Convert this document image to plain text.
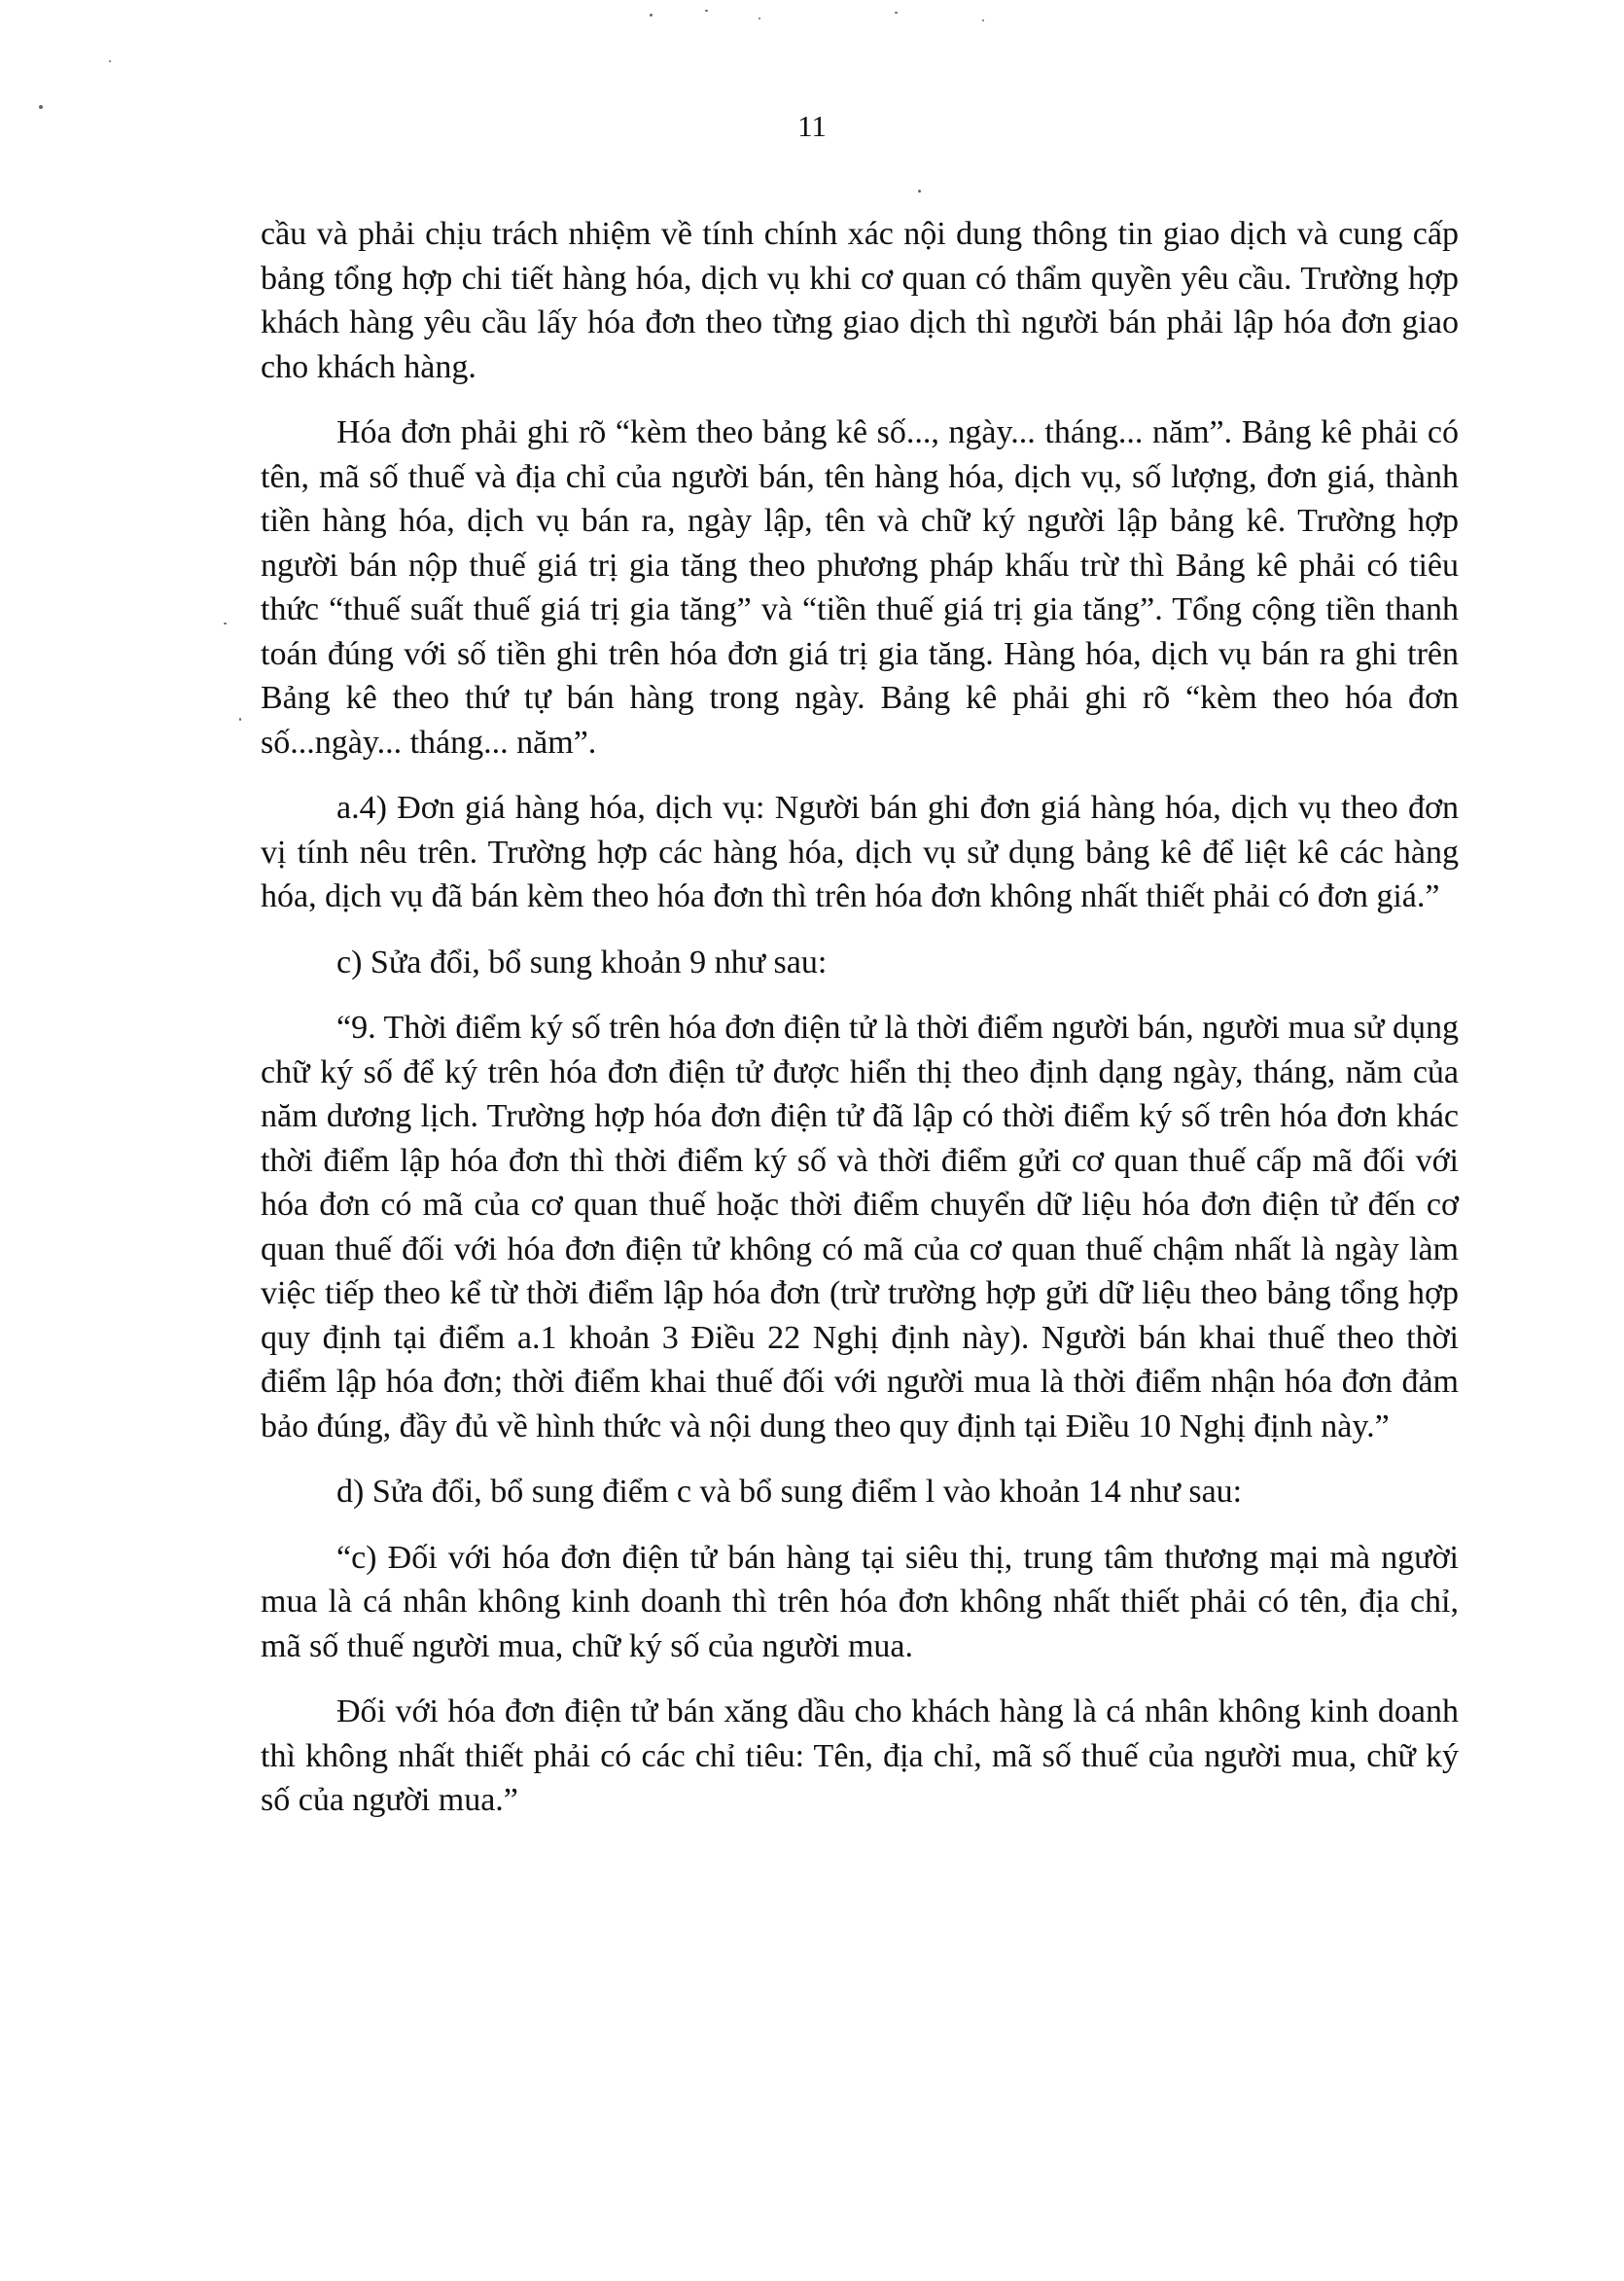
11

cầu và phải chịu trách nhiệm về tính chính xác nội dung thông tin giao dịch và cung cấp bảng tổng hợp chi tiết hàng hóa, dịch vụ khi cơ quan có thẩm quyền yêu cầu. Trường hợp khách hàng yêu cầu lấy hóa đơn theo từng giao dịch thì người bán phải lập hóa đơn giao cho khách hàng.

Hóa đơn phải ghi rõ “kèm theo bảng kê số..., ngày... tháng... năm”. Bảng kê phải có tên, mã số thuế và địa chỉ của người bán, tên hàng hóa, dịch vụ, số lượng, đơn giá, thành tiền hàng hóa, dịch vụ bán ra, ngày lập, tên và chữ ký người lập bảng kê. Trường hợp người bán nộp thuế giá trị gia tăng theo phương pháp khấu trừ thì Bảng kê phải có tiêu thức “thuế suất thuế giá trị gia tăng” và “tiền thuế giá trị gia tăng”. Tổng cộng tiền thanh toán đúng với số tiền ghi trên hóa đơn giá trị gia tăng. Hàng hóa, dịch vụ bán ra ghi trên Bảng kê theo thứ tự bán hàng trong ngày. Bảng kê phải ghi rõ “kèm theo hóa đơn số...ngày... tháng... năm”.

a.4) Đơn giá hàng hóa, dịch vụ: Người bán ghi đơn giá hàng hóa, dịch vụ theo đơn vị tính nêu trên. Trường hợp các hàng hóa, dịch vụ sử dụng bảng kê để liệt kê các hàng hóa, dịch vụ đã bán kèm theo hóa đơn thì trên hóa đơn không nhất thiết phải có đơn giá.”

c) Sửa đổi, bổ sung khoản 9 như sau:

“9. Thời điểm ký số trên hóa đơn điện tử là thời điểm người bán, người mua sử dụng chữ ký số để ký trên hóa đơn điện tử được hiển thị theo định dạng ngày, tháng, năm của năm dương lịch. Trường hợp hóa đơn điện tử đã lập có thời điểm ký số trên hóa đơn khác thời điểm lập hóa đơn thì thời điểm ký số và thời điểm gửi cơ quan thuế cấp mã đối với hóa đơn có mã của cơ quan thuế hoặc thời điểm chuyển dữ liệu hóa đơn điện tử đến cơ quan thuế đối với hóa đơn điện tử không có mã của cơ quan thuế chậm nhất là ngày làm việc tiếp theo kể từ thời điểm lập hóa đơn (trừ trường hợp gửi dữ liệu theo bảng tổng hợp quy định tại điểm a.1 khoản 3 Điều 22 Nghị định này). Người bán khai thuế theo thời điểm lập hóa đơn; thời điểm khai thuế đối với người mua là thời điểm nhận hóa đơn đảm bảo đúng, đầy đủ về hình thức và nội dung theo quy định tại Điều 10 Nghị định này.”

d) Sửa đổi, bổ sung điểm c và bổ sung điểm l vào khoản 14 như sau:

“c) Đối với hóa đơn điện tử bán hàng tại siêu thị, trung tâm thương mại mà người mua là cá nhân không kinh doanh thì trên hóa đơn không nhất thiết phải có tên, địa chỉ, mã số thuế người mua, chữ ký số của người mua.

Đối với hóa đơn điện tử bán xăng dầu cho khách hàng là cá nhân không kinh doanh thì không nhất thiết phải có các chỉ tiêu: Tên, địa chỉ, mã số thuế của người mua, chữ ký số của người mua.”
